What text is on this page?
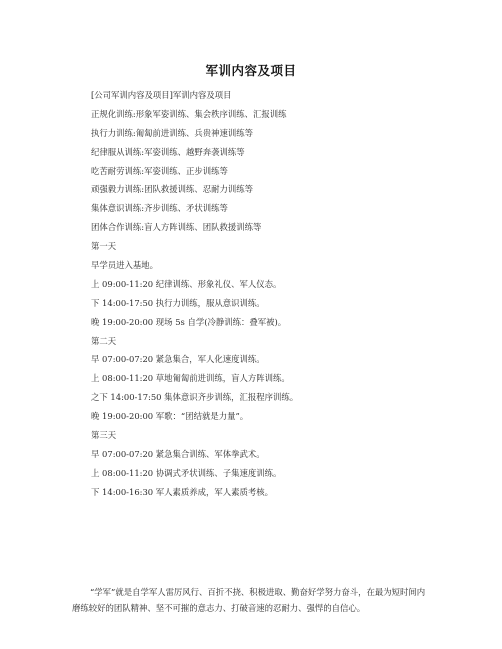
军训内容及项目
[公司军训内容及项目]军训内容及项目
正规化训练:形象军姿训练、集会秩序训练、汇报训练
执行力训练:匍匐前进训练、兵贵神速训练等
纪律服从训练:军姿训练、越野奔袭训练等
吃苦耐劳训练:军姿训练、正步训练等
顽强毅力训练:团队救援训练、忍耐力训练等
集体意识训练:齐步训练、矛状训练等
团体合作训练:盲人方阵训练、团队救援训练等
第一天
早学员进入基地。
上 09:00-11:20 纪律训练、形象礼仪、军人仪态。
下 14:00-17:50 执行力训练，服从意识训练。
晚 19:00-20:00 现场 5s 自学(冷静训练：叠军被)。
第二天
早 07:00-07:20 紧急集合，军人化速度训练。
上 08:00-11:20 草地匍匐前进训练，盲人方阵训练。
之下 14:00-17:50 集体意识齐步训练，汇报程序训练。
晚 19:00-20:00 军歌：“团结就是力量”。
第三天
早 07:00-07:20 紧急集合训练、军体拳武术。
上 08:00-11:20 协调式矛状训练、子集速度训练。
下 14:00-16:30 军人素质养成，军人素质考核。
“学军”就是自学军人雷厉风行、百折不挠、积极进取、勤奋好学努力奋斗，在最为短时间内磨练较好的团队精神、坚不可摧的意志力、打破音速的忍耐力、强悍的自信心。
